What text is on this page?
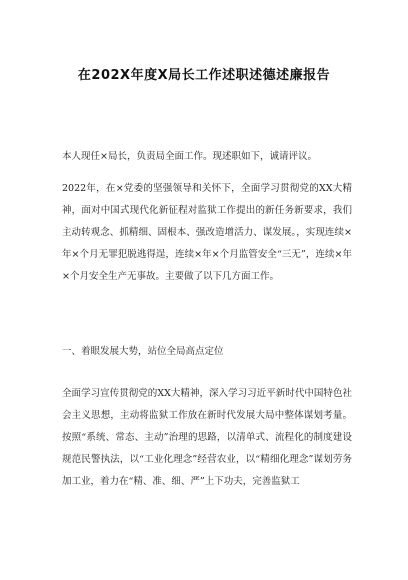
在202X年度X局长工作述职述德述廉报告
本人现任×局长，负责局全面工作。现述职如下，诚请评议。
2022年，在×党委的坚强领导和关怀下，全面学习贯彻党的XX大精神，面对中国式现代化新征程对监狱工作提出的新任务新要求，我们主动转观念、抓精细、固根本、强改造增活力、谋发展。，实现连续×年×个月无罪犯脱逃得逞，连续×年×个月监管安全“三无”，连续×年×个月安全生产无事故。主要做了以下几方面工作。
一、着眼发展大势，站位全局高点定位
全面学习宣传贯彻党的XX大精神，深入学习习近平新时代中国特色社会主义思想，主动将监狱工作放在新时代发展大局中整体谋划考量。按照“系统、常态、主动”治理的思路，以清单式、流程化的制度建设规范民警执法，以“工业化理念”经营农业，以“精细化理念”谋划劳务加工业，着力在“精、准、细、严”上下功夫，完善监狱工
